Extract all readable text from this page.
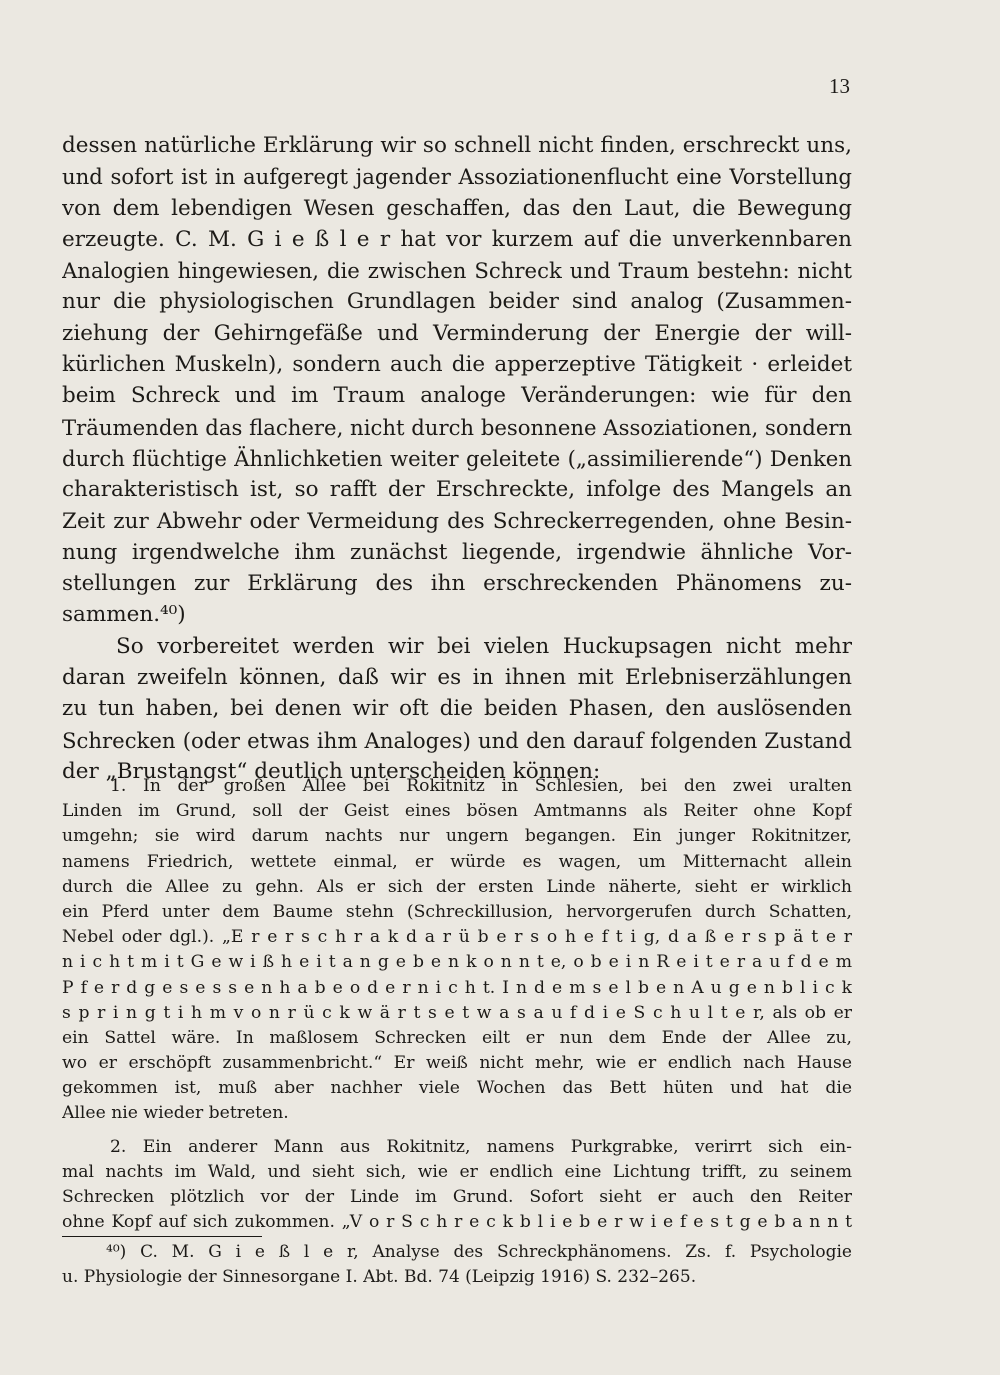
13
dessen natürliche Erklärung wir so schnell nicht finden, erschreckt uns,
und sofort ist in aufgeregt jagender Assoziationenflucht eine Vorstellung
von dem lebendigen Wesen geschaffen, das den Laut, die Bewegung
erzeugte. C. M. G i e ß l e r hat vor kurzem auf die unverkennbaren
Analogien hingewiesen, die zwischen Schreck und Traum bestehn: nicht
nur die physiologischen Grundlagen beider sind analog (Zusammen-
ziehung der Gehirngefäße und Verminderung der Energie der will-
kürlichen Muskeln), sondern auch die apperzeptive Tätigkeit · erleidet
beim Schreck und im Traum analoge Veränderungen: wie für den
Träumenden das flachere, nicht durch besonnene Assoziationen, sondern
durch flüchtige Ähnlichketien weiter geleitete („assimilierende“) Denken
charakteristisch ist, so rafft der Erschreckte, infolge des Mangels an
Zeit zur Abwehr oder Vermeidung des Schreckerregenden, ohne Besin-
nung irgendwelche ihm zunächst liegende, irgendwie ähnliche Vor-
stellungen zur Erklärung des ihn erschreckenden Phänomens zu-
sammen.⁴⁰)
So vorbereitet werden wir bei vielen Huckupsagen nicht mehr
daran zweifeln können, daß wir es in ihnen mit Erlebniserzählungen
zu tun haben, bei denen wir oft die beiden Phasen, den auslösenden
Schrecken (oder etwas ihm Analoges) und den darauf folgenden Zustand
der „Brustangst“ deutlich unterscheiden können:
1. In der großen Allee bei Rokitnitz in Schlesien, bei den zwei uralten
Linden im Grund, soll der Geist eines bösen Amtmanns als Reiter ohne Kopf
umgehn; sie wird darum nachts nur ungern begangen. Ein junger Rokitnitzer,
namens Friedrich, wettete einmal, er würde es wagen, um Mitternacht allein
durch die Allee zu gehn. Als er sich der ersten Linde näherte, sieht er wirklich
ein Pferd unter dem Baume stehn (Schreckillusion, hervorgerufen durch Schatten,
Nebel oder dgl.). „E r e r s c h r a k d a r ü b e r s o h e f t i g, d a ß e r s p ä t e r
n i c h t m i t G e w i ß h e i t a n g e b e n k o n n t e, o b e i n R e i t e r a u f d e m
P f e r d g e s e s s e n h a b e o d e r n i c h t. I n d e m s e l b e n A u g e n b l i c k
s p r i n g t i h m v o n r ü c k w ä r t s e t w a s a u f d i e S c h u l t e r, als ob er
ein Sattel wäre. In maßlosem Schrecken eilt er nun dem Ende der Allee zu,
wo er erschöpft zusammenbricht.“ Er weiß nicht mehr, wie er endlich nach Hause
gekommen ist, muß aber nachher viele Wochen das Bett hüten und hat die
Allee nie wieder betreten.
2. Ein anderer Mann aus Rokitnitz, namens Purkgrabke, verirrt sich ein-
mal nachts im Wald, und sieht sich, wie er endlich eine Lichtung trifft, zu seinem
Schrecken plötzlich vor der Linde im Grund. Sofort sieht er auch den Reiter
ohne Kopf auf sich zukommen. „V o r S c h r e c k b l i e b e r w i e f e s t g e b a n n t
⁴⁰) C. M. G i e ß l e r, Analyse des Schreckphänomens. Zs. f. Psychologie
u. Physiologie der Sinnesorgane I. Abt. Bd. 74 (Leipzig 1916) S. 232–265.
